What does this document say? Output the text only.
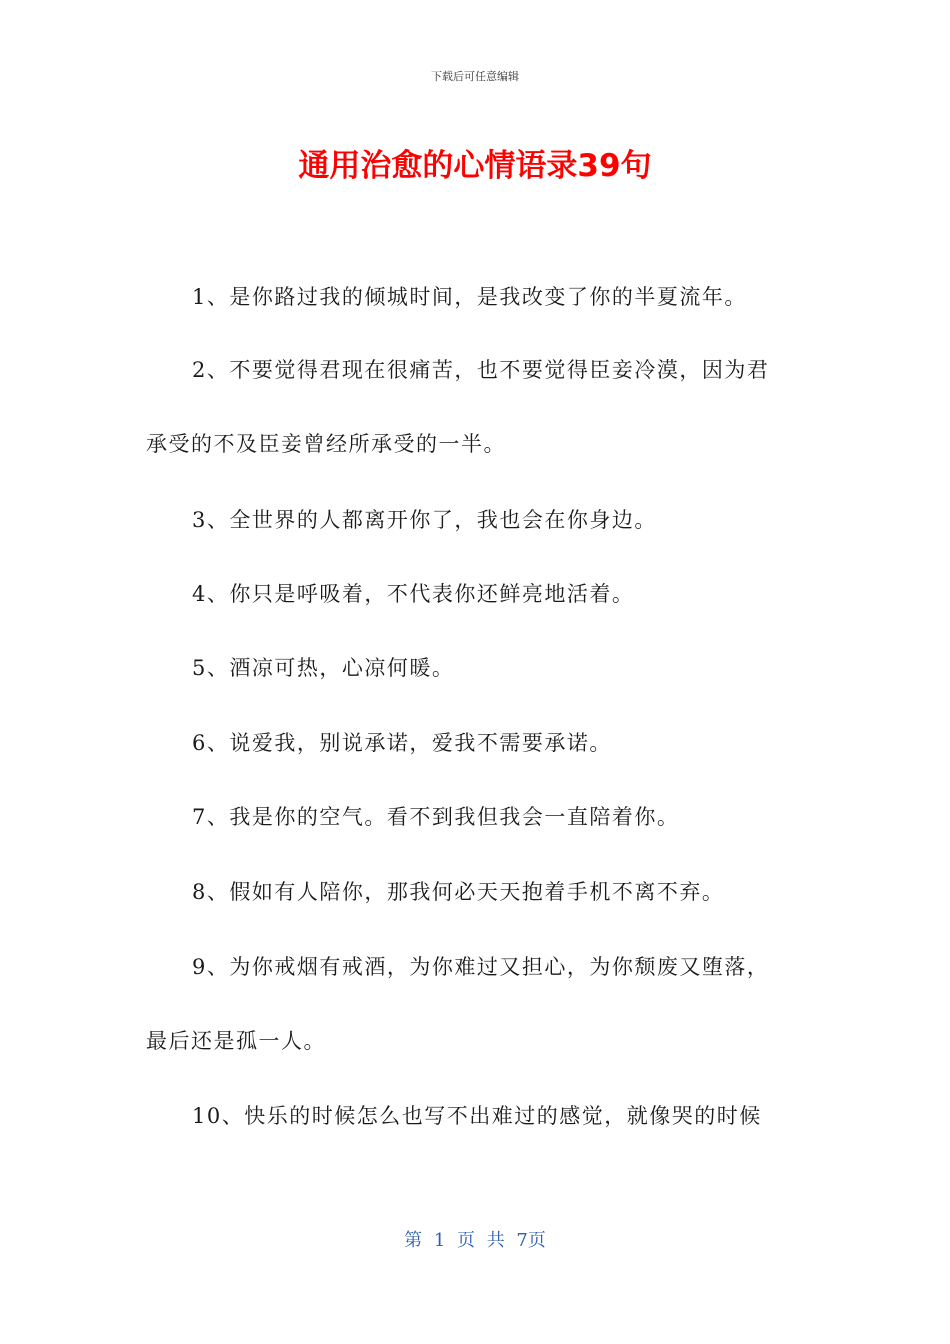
下载后可任意编辑
通用治愈的心情语录39句
1、是你路过我的倾城时间，是我改变了你的半夏流年。
2、不要觉得君现在很痛苦，也不要觉得臣妾冷漠，因为君
承受的不及臣妾曾经所承受的一半。
3、全世界的人都离开你了，我也会在你身边。
4、你只是呼吸着，不代表你还鲜亮地活着。
5、酒凉可热，心凉何暖。
6、说爱我，别说承诺，爱我不需要承诺。
7、我是你的空气。看不到我但我会一直陪着你。
8、假如有人陪你，那我何必天天抱着手机不离不弃。
9、为你戒烟有戒酒，为你难过又担心，为你颓废又堕落，
最后还是孤一人。
10、快乐的时候怎么也写不出难过的感觉，就像哭的时候
第 1 页 共 7页
